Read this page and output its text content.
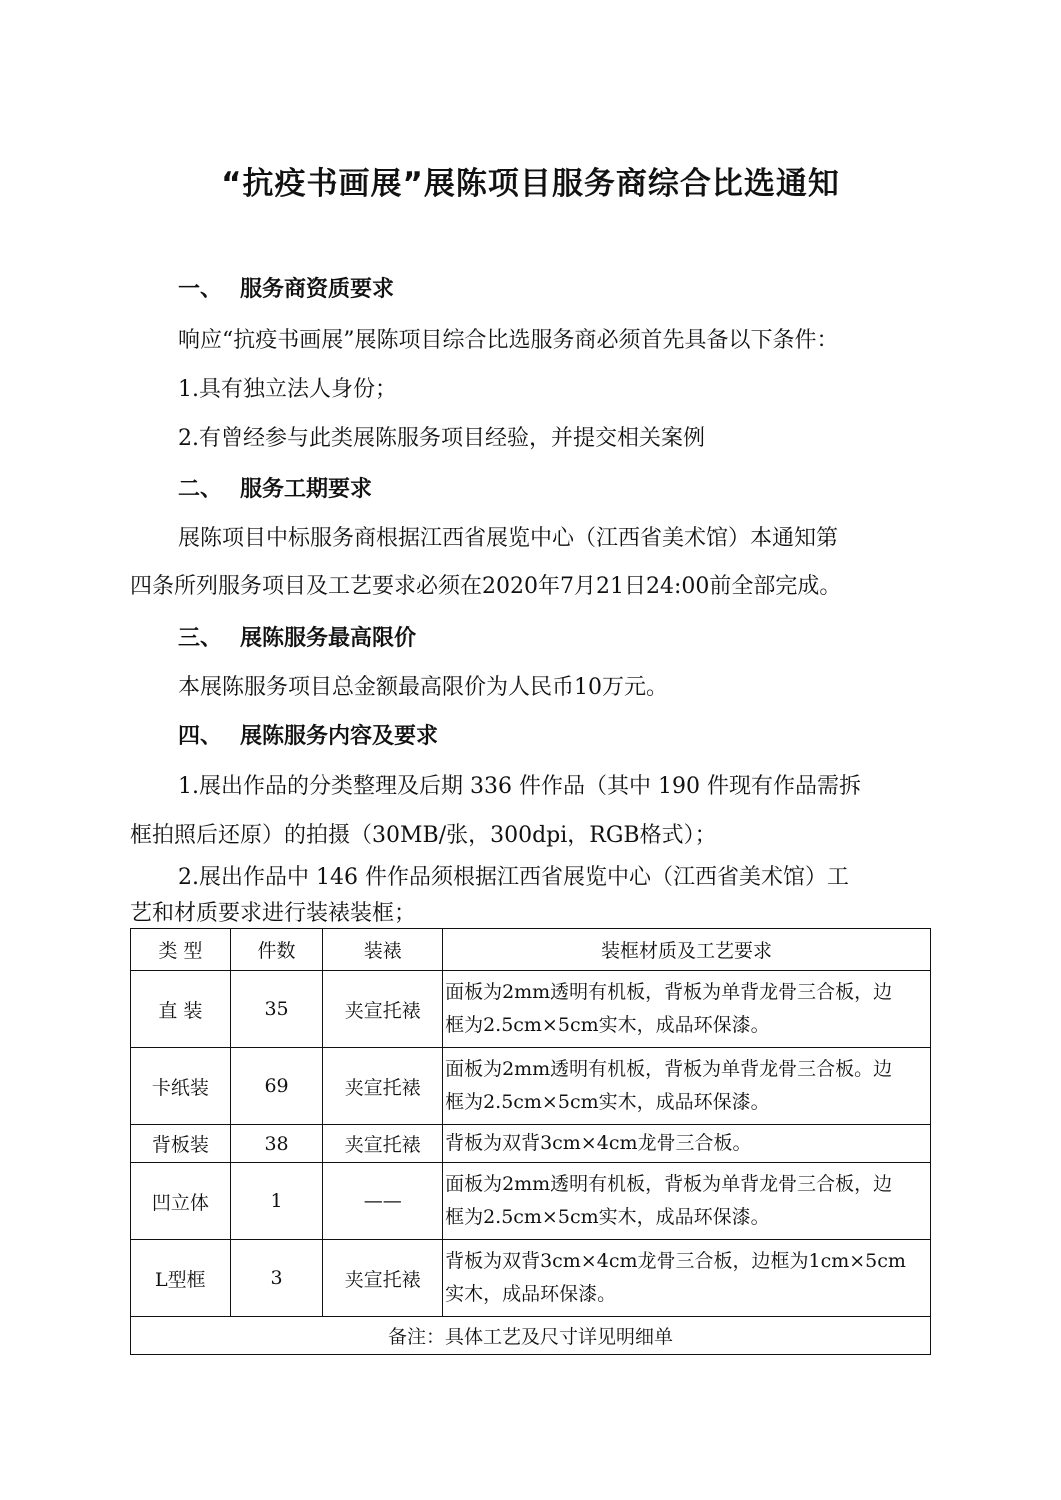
“抗疫书画展”展陈项目服务商综合比选通知
一、 服务商资质要求
响应“抗疫书画展”展陈项目综合比选服务商必须首先具备以下条件：
1.具有独立法人身份；
2.有曾经参与此类展陈服务项目经验，并提交相关案例
二、 服务工期要求
展陈项目中标服务商根据江西省展览中心（江西省美术馆）本通知第
四条所列服务项目及工艺要求必须在2020年7月21日24:00前全部完成。
三、 展陈服务最高限价
本展陈服务项目总金额最高限价为人民币10万元。
四、 展陈服务内容及要求
1.展出作品的分类整理及后期 336 件作品（其中 190 件现有作品需拆
框拍照后还原）的拍摄（30MB/张，300dpi，RGB格式）；
2.展出作品中 146 件作品须根据江西省展览中心（江西省美术馆）工
艺和材质要求进行装裱装框；
类 型	件数	装裱	装框材质及工艺要求
直 装	35	夹宣托裱	面板为2mm透明有机板，背板为单背龙骨三合板，边
框为2.5cm×5cm实木，成品环保漆。

卡纸装	69	夹宣托裱	面板为2mm透明有机板，背板为单背龙骨三合板。边
框为2.5cm×5cm实木，成品环保漆。

背板装	38	夹宣托裱	背板为双背3cm×4cm龙骨三合板。
凹立体	1	——	面板为2mm透明有机板，背板为单背龙骨三合板，边
框为2.5cm×5cm实木，成品环保漆。

L型框	3	夹宣托裱	背板为双背3cm×4cm龙骨三合板，边框为1cm×5cm
实木，成品环保漆。

备注：具体工艺及尺寸详见明细单			
